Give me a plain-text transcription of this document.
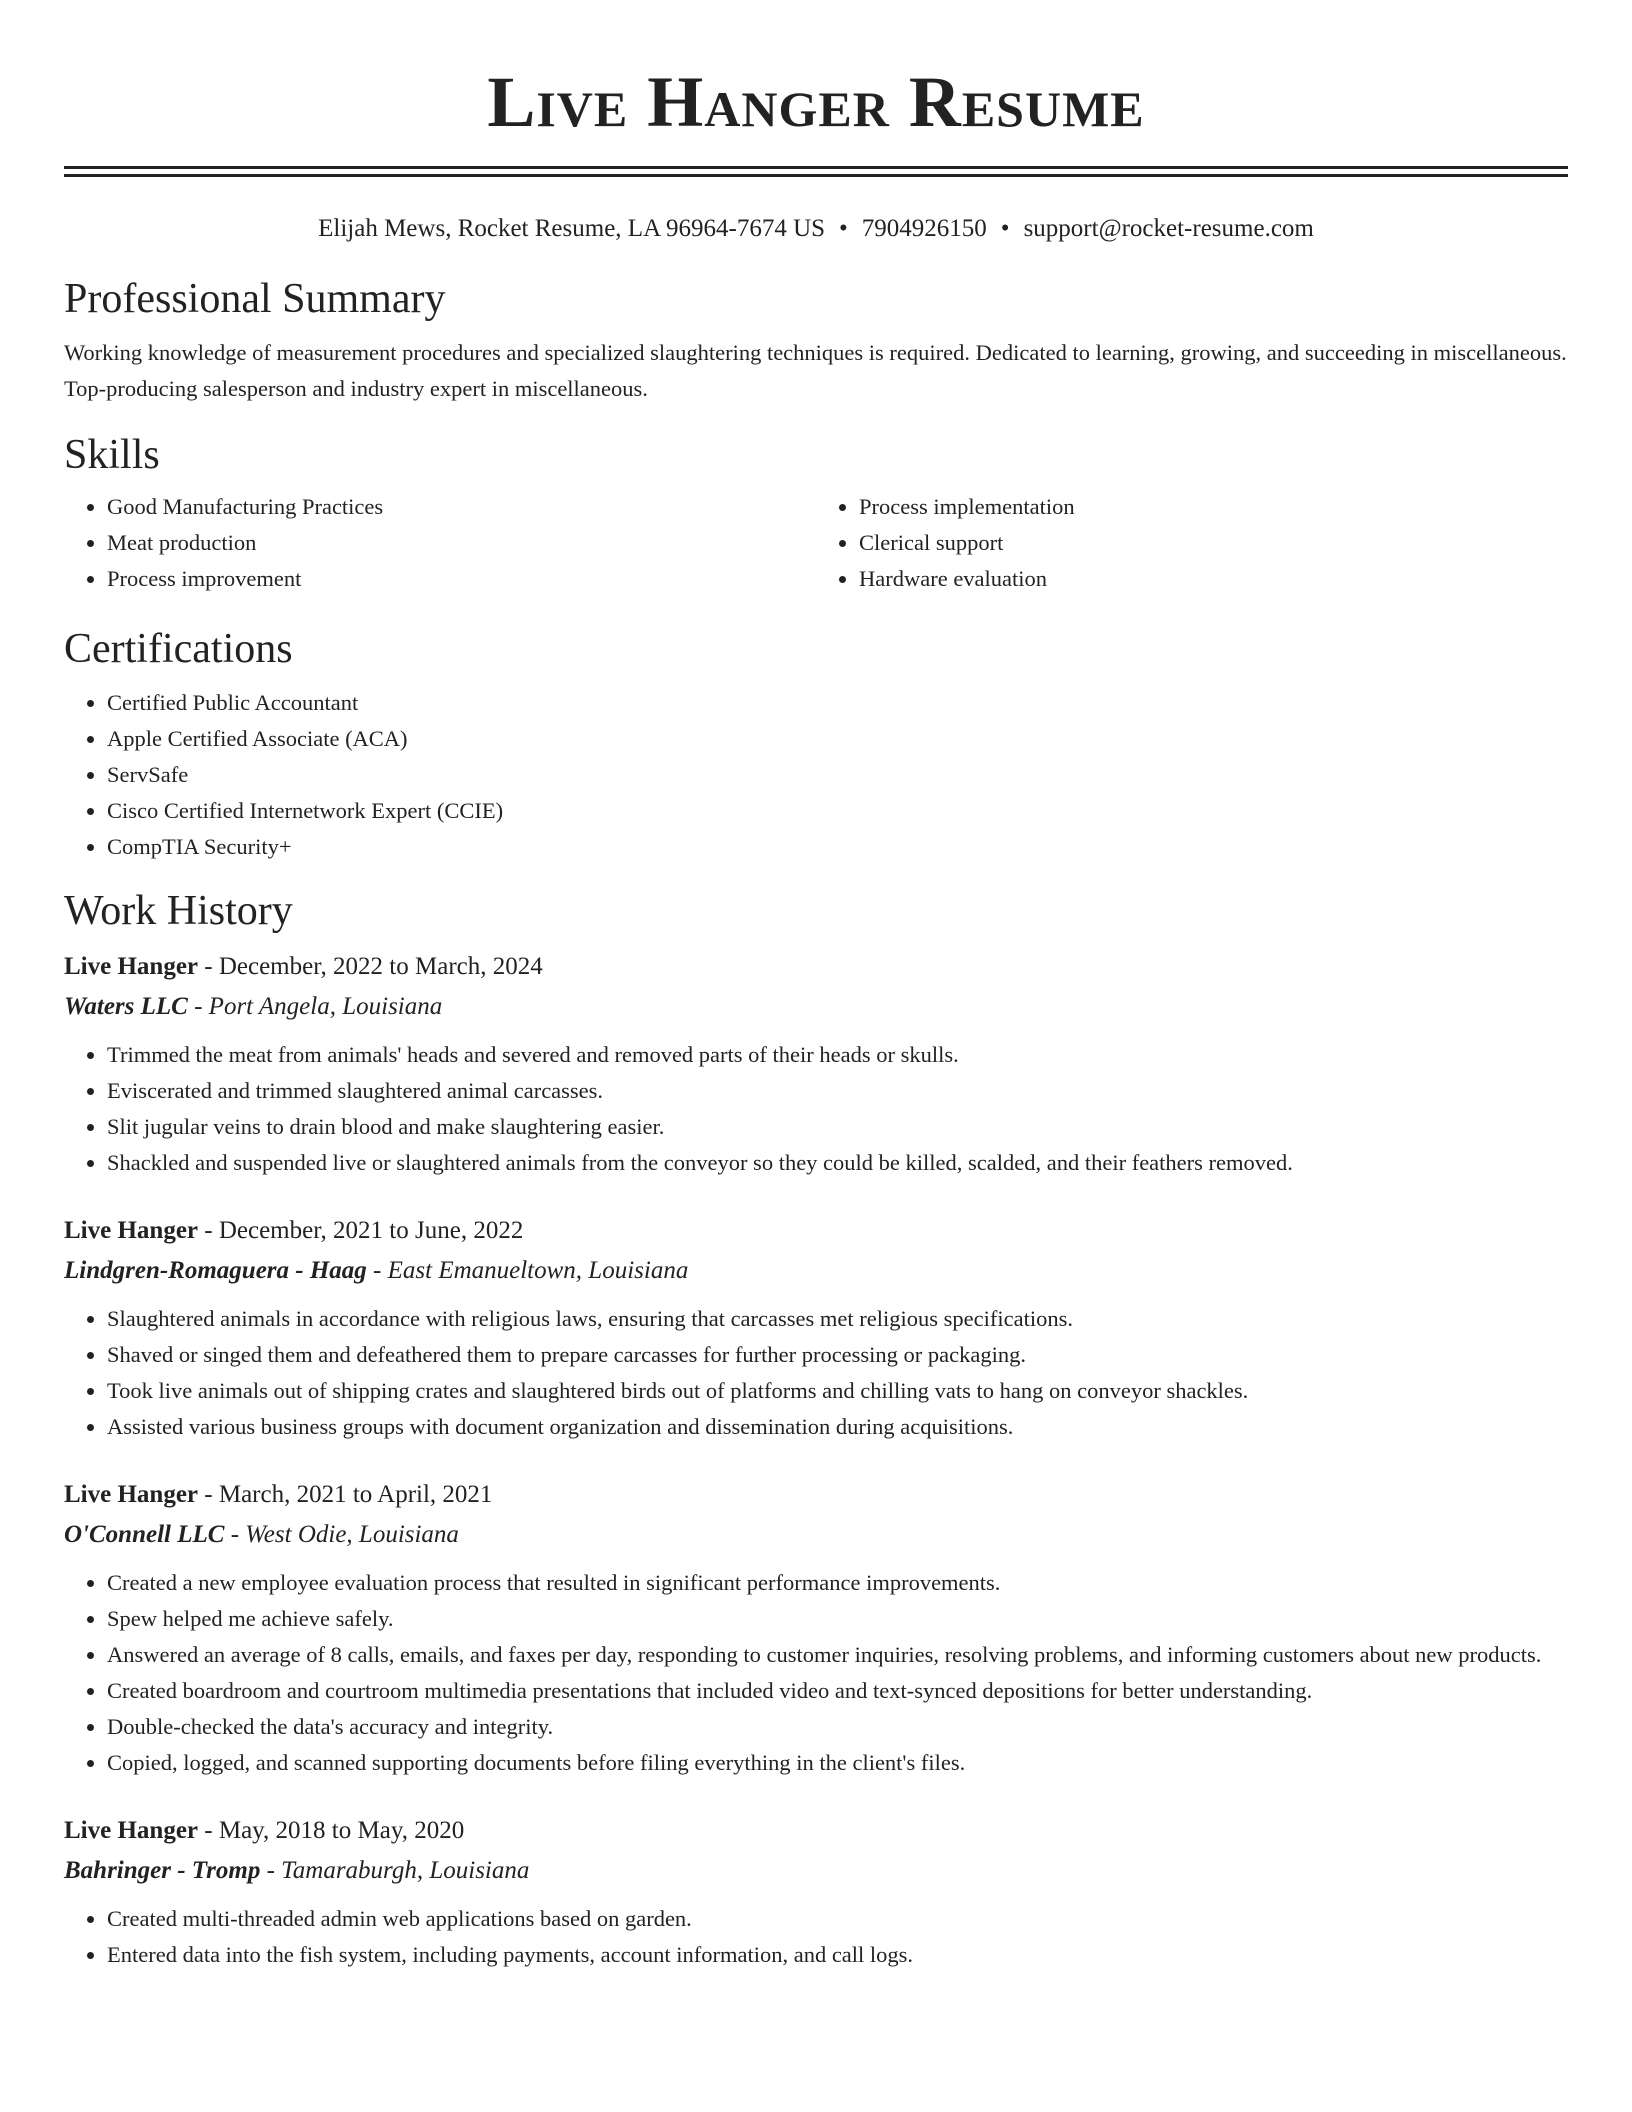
Live Hanger Resume
Elijah Mews, Rocket Resume, LA 96964-7674 US • 7904926150 • support@rocket-resume.com
Professional Summary

Working knowledge of measurement procedures and specialized slaughtering techniques is required. Dedicated to learning, growing, and succeeding in miscellaneous. Top-producing salesperson and industry expert in miscellaneous.

Skills
• Good Manufacturing Practices
• Meat production
• Process improvement
• Process implementation
• Clerical support
• Hardware evaluation
Certifications
• Certified Public Accountant
• Apple Certified Associate (ACA)
• ServSafe
• Cisco Certified Internetwork Expert (CCIE)
• CompTIA Security+
Work History
Live Hanger - December, 2022 to March, 2024
Waters LLC - Port Angela, Louisiana
• Trimmed the meat from animals' heads and severed and removed parts of their heads or skulls.
• Eviscerated and trimmed slaughtered animal carcasses.
• Slit jugular veins to drain blood and make slaughtering easier.
• Shackled and suspended live or slaughtered animals from the conveyor so they could be killed, scalded, and their feathers removed.
Live Hanger - December, 2021 to June, 2022
Lindgren-Romaguera - Haag - East Emanueltown, Louisiana
• Slaughtered animals in accordance with religious laws, ensuring that carcasses met religious specifications.
• Shaved or singed them and defeathered them to prepare carcasses for further processing or packaging.
• Took live animals out of shipping crates and slaughtered birds out of platforms and chilling vats to hang on conveyor shackles.
• Assisted various business groups with document organization and dissemination during acquisitions.
Live Hanger - March, 2021 to April, 2021
O'Connell LLC - West Odie, Louisiana
• Created a new employee evaluation process that resulted in significant performance improvements.
• Spew helped me achieve safely.
• Answered an average of 8 calls, emails, and faxes per day, responding to customer inquiries, resolving problems, and informing customers about new products.
• Created boardroom and courtroom multimedia presentations that included video and text-synced depositions for better understanding.
• Double-checked the data's accuracy and integrity.
• Copied, logged, and scanned supporting documents before filing everything in the client's files.
Live Hanger - May, 2018 to May, 2020
Bahringer - Tromp - Tamaraburgh, Louisiana
• Created multi-threaded admin web applications based on garden.
• Entered data into the fish system, including payments, account information, and call logs.
